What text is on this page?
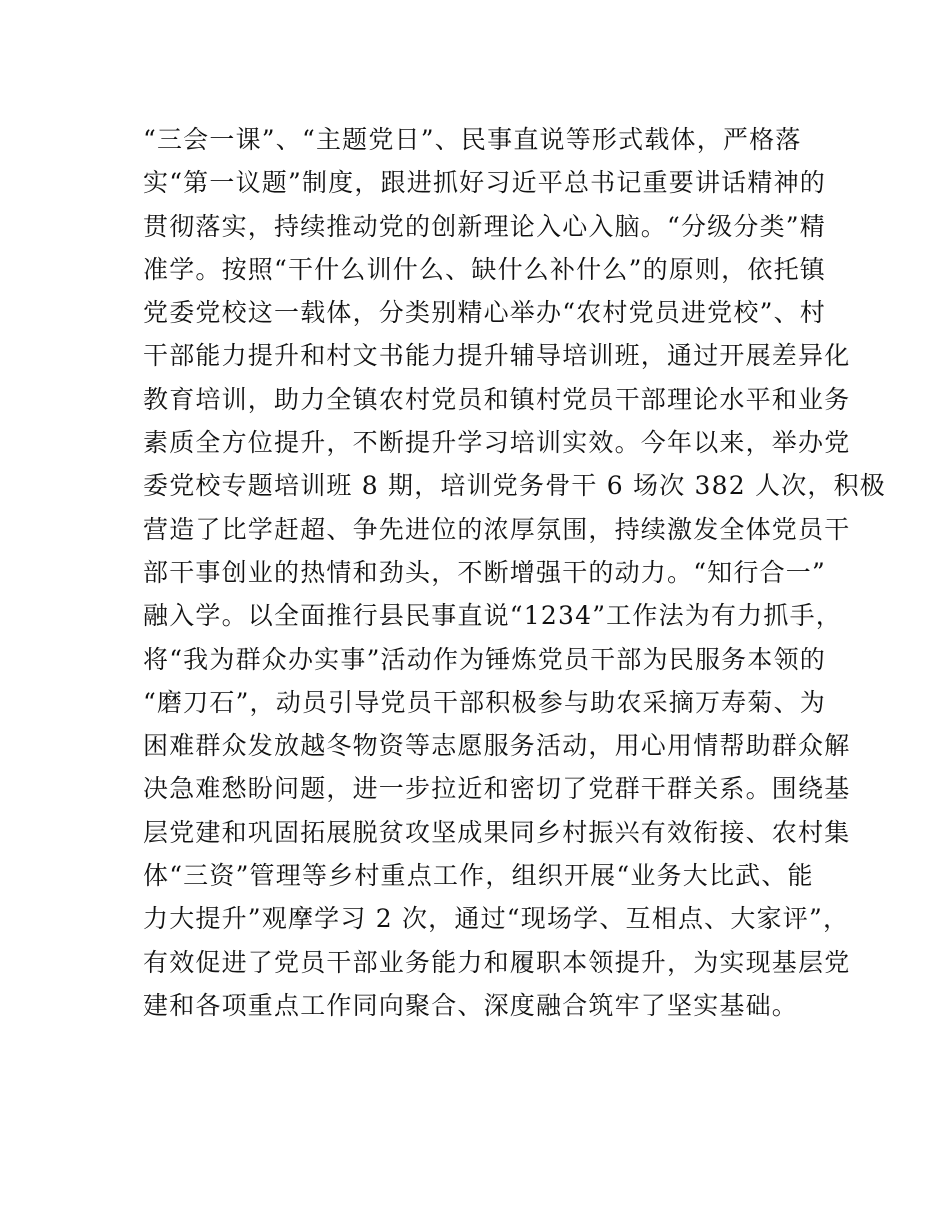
“三会一课”、“主题党日”、民事直说等形式载体，严格落
实“第一议题”制度，跟进抓好习近平总书记重要讲话精神的
贯彻落实，持续推动党的创新理论入心入脑。“分级分类”精
准学。按照“干什么训什么、缺什么补什么”的原则，依托镇
党委党校这一载体，分类别精心举办“农村党员进党校”、村
干部能力提升和村文书能力提升辅导培训班，通过开展差异化
教育培训，助力全镇农村党员和镇村党员干部理论水平和业务
素质全方位提升，不断提升学习培训实效。今年以来，举办党
委党校专题培训班 8 期，培训党务骨干 6 场次 382 人次，积极
营造了比学赶超、争先进位的浓厚氛围，持续激发全体党员干
部干事创业的热情和劲头，不断增强干的动力。“知行合一”
融入学。以全面推行县民事直说“1234”工作法为有力抓手，
将“我为群众办实事”活动作为锤炼党员干部为民服务本领的
“磨刀石”，动员引导党员干部积极参与助农采摘万寿菊、为
困难群众发放越冬物资等志愿服务活动，用心用情帮助群众解
决急难愁盼问题，进一步拉近和密切了党群干群关系。围绕基
层党建和巩固拓展脱贫攻坚成果同乡村振兴有效衔接、农村集
体“三资”管理等乡村重点工作，组织开展“业务大比武、能
力大提升”观摩学习 2 次，通过“现场学、互相点、大家评”，
有效促进了党员干部业务能力和履职本领提升，为实现基层党
建和各项重点工作同向聚合、深度融合筑牢了坚实基础。
